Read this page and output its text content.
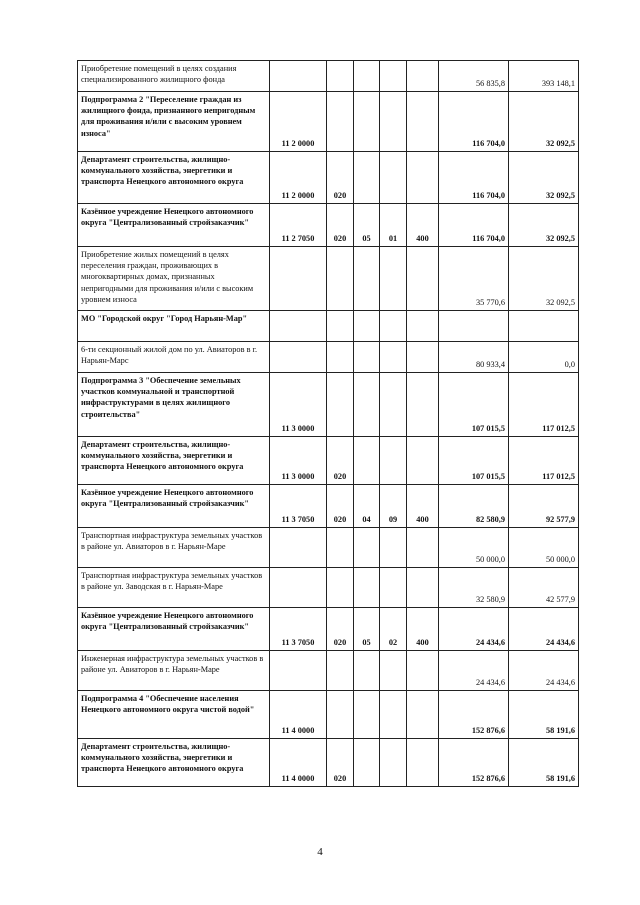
Приобретение помещений в целях создания специализированного жилищного фонда						56 835,8	393 148,1
Подпрограмма 2 "Переселение граждан из жилищного фонда, признанного непригодным для проживания и/или с высоким уровнем износа"	11 2 0000					116 704,0	32 092,5
Департамент строительства, жилищно-коммунального хозяйства, энергетики и транспорта Ненецкого автономного округа	11 2 0000	020				116 704,0	32 092,5
Казённое учреждение Ненецкого автономного округа "Централизованный стройзаказчик"	11 2 7050	020	05	01	400	116 704,0	32 092,5
Приобретение жилых помещений в целях переселения граждан, проживающих в многоквартирных домах, признанных непригодными для проживания и/или с высоким уровнем износа						35 770,6	32 092,5
МО "Городской округ "Город Нарьян-Мар"							
6-ти секционный жилой дом по ул. Авиаторов в г. Нарьян-Марс						80 933,4	0,0
Подпрограмма 3 "Обеспечение земельных участков коммунальной и транспортной инфраструктурами в целях жилищного строительства"	11 3 0000					107 015,5	117 012,5
Департамент строительства, жилищно-коммунального хозяйства, энергетики и транспорта Ненецкого автономного округа	11 3 0000	020				107 015,5	117 012,5
Казённое учреждение Ненецкого автономного округа "Централизованный стройзаказчик"	11 3 7050	020	04	09	400	82 580,9	92 577,9
Транспортная инфраструктура земельных участков в районе ул. Авиаторов в г. Нарьян-Маре						50 000,0	50 000,0
Транспортная инфраструктура земельных участков в районе ул. Заводская в г. Нарьян-Маре						32 580,9	42 577,9
Казённое учреждение Ненецкого автономного округа "Централизованный стройзаказчик"	11 3 7050	020	05	02	400	24 434,6	24 434,6
Инженерная инфраструктура земельных участков в районе ул. Авиаторов в г. Нарьян-Маре						24 434,6	24 434,6
Подпрограмма 4 "Обеспечение населения Ненецкого автономного округа чистой водой"	11 4 0000					152 876,6	58 191,6
Департамент строительства, жилищно-коммунального хозяйства, энергетики и транспорта Ненецкого автономного округа	11 4 0000	020				152 876,6	58 191,6
4
